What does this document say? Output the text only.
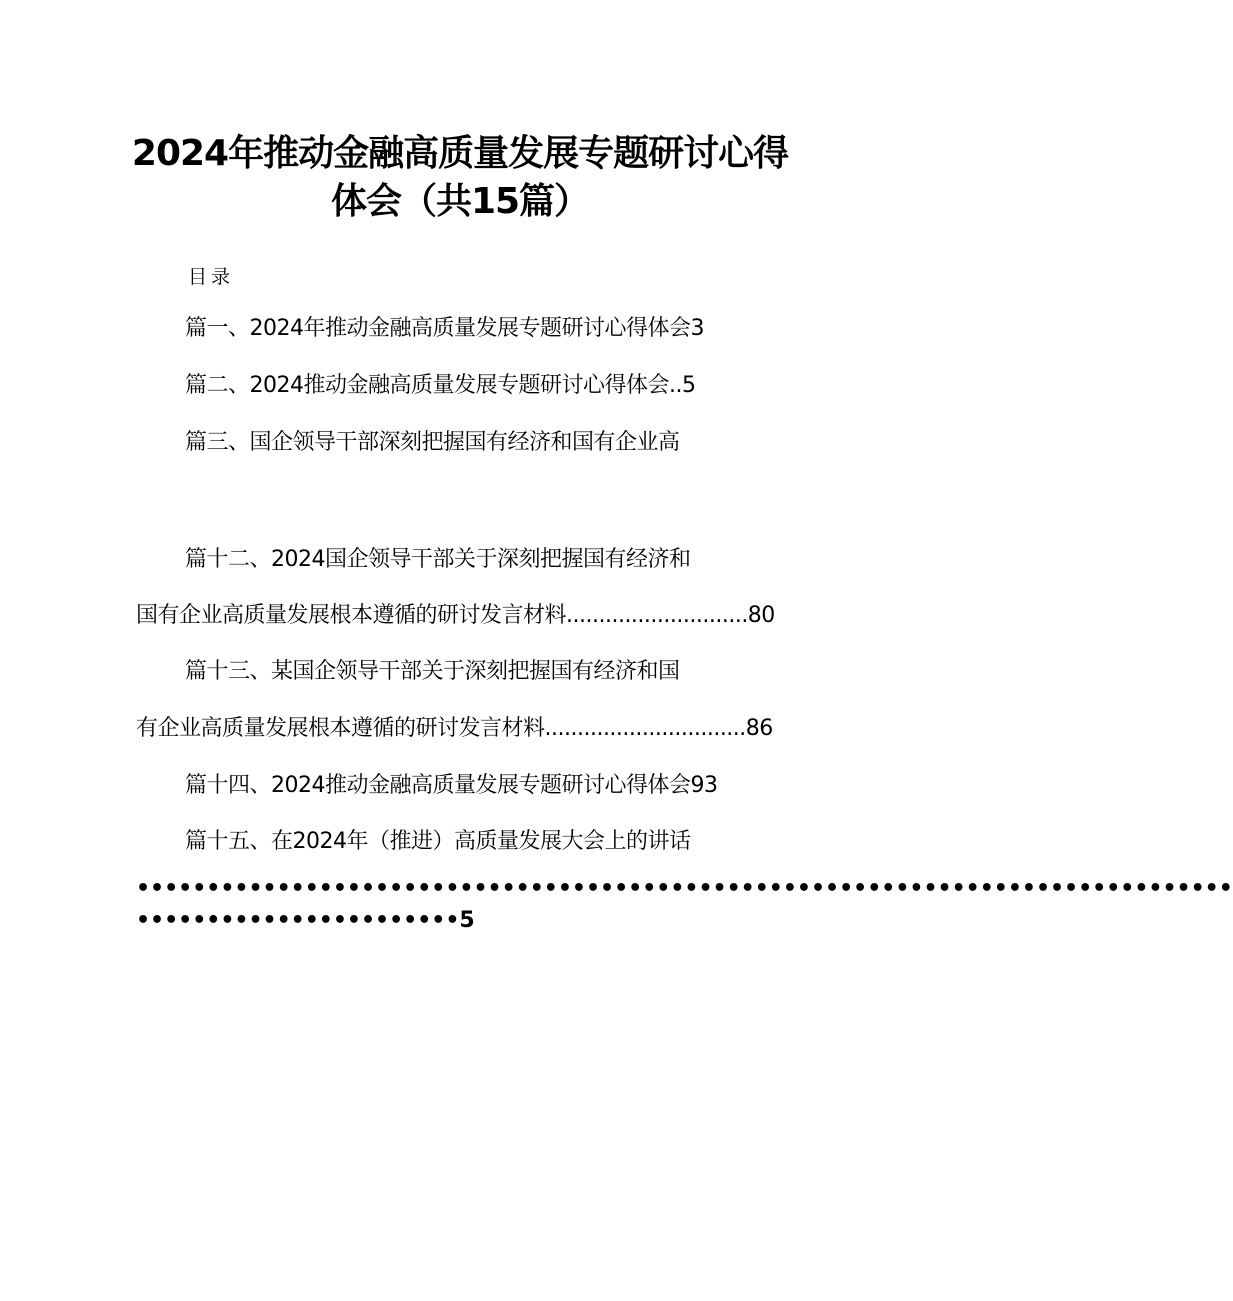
2024年推动金融高质量发展专题研讨心得
体会（共15篇）
目录
篇一、2024年推动金融高质量发展专题研讨心得体会3
篇二、2024推动金融高质量发展专题研讨心得体会..5
篇三、国企领导干部深刻把握国有经济和国有企业高
篇十二、2024国企领导干部关于深刻把握国有经济和
国有企业高质量发展根本遵循的研讨发言材料............................80
篇十三、某国企领导干部关于深刻把握国有经济和国
有企业高质量发展根本遵循的研讨发言材料...............................86
篇十四、2024推动金融高质量发展专题研讨心得体会93
篇十五、在2024年（推进）高质量发展大会上的讲话
••••••••••••••••••••••••••••••••••••••••••••••••••••••••••••••••••••••••••••••
•••••••••••••••••••••••5
